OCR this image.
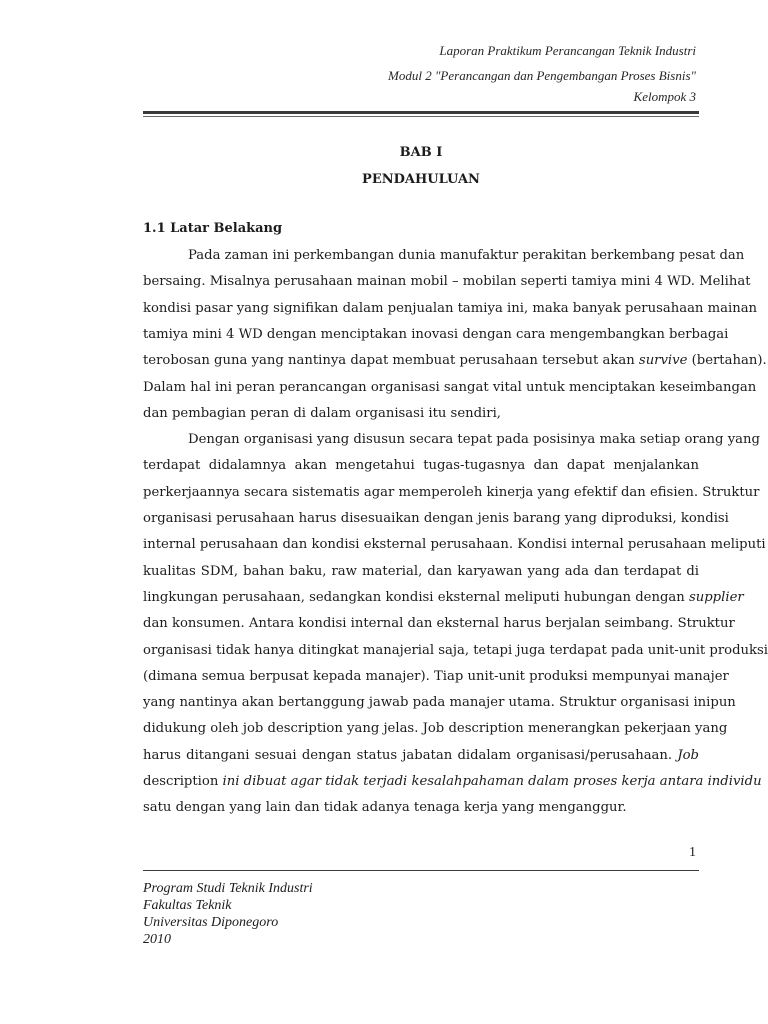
Laporan Praktikum Perancangan Teknik Industri
Modul 2 "Perancangan dan Pengembangan Proses Bisnis"
Kelompok 3
BAB I
PENDAHULUAN
1.1 Latar Belakang
Pada zaman ini perkembangan dunia manufaktur perakitan berkembang pesat dan
bersaing. Misalnya perusahaan mainan mobil – mobilan seperti tamiya mini 4 WD. Melihat
kondisi pasar yang signifikan dalam penjualan tamiya ini, maka banyak perusahaan mainan
tamiya mini 4 WD dengan menciptakan inovasi dengan cara mengembangkan berbagai
terobosan guna yang nantinya dapat membuat perusahaan tersebut akan survive (bertahan).
Dalam hal ini peran perancangan organisasi sangat vital untuk menciptakan keseimbangan
dan pembagian peran di dalam organisasi itu sendiri,
Dengan organisasi yang disusun secara tepat pada posisinya maka setiap orang yang
terdapat didalamnya akan mengetahui tugas-tugasnya dan dapat menjalankan
perkerjaannya secara sistematis agar memperoleh kinerja yang efektif dan efisien. Struktur
organisasi perusahaan harus disesuaikan dengan jenis barang yang diproduksi, kondisi
internal perusahaan dan kondisi eksternal perusahaan. Kondisi internal perusahaan meliputi
kualitas SDM, bahan baku, raw material, dan karyawan yang ada dan terdapat di
lingkungan perusahaan, sedangkan kondisi eksternal meliputi hubungan dengan supplier
dan konsumen. Antara kondisi internal dan eksternal harus berjalan seimbang. Struktur
organisasi tidak hanya ditingkat manajerial saja, tetapi juga terdapat pada unit-unit produksi
(dimana semua berpusat kepada manajer). Tiap unit-unit produksi mempunyai manajer
yang nantinya akan bertanggung jawab pada manajer utama. Struktur organisasi inipun
didukung oleh job description yang jelas. Job description menerangkan pekerjaan yang
harus ditangani sesuai dengan status jabatan didalam organisasi/perusahaan. Job
description ini dibuat agar tidak terjadi kesalahpahaman dalam proses kerja antara individu
satu dengan yang lain dan tidak adanya tenaga kerja yang menganggur.
1
Program Studi Teknik Industri
Fakultas Teknik
Universitas Diponegoro
2010
